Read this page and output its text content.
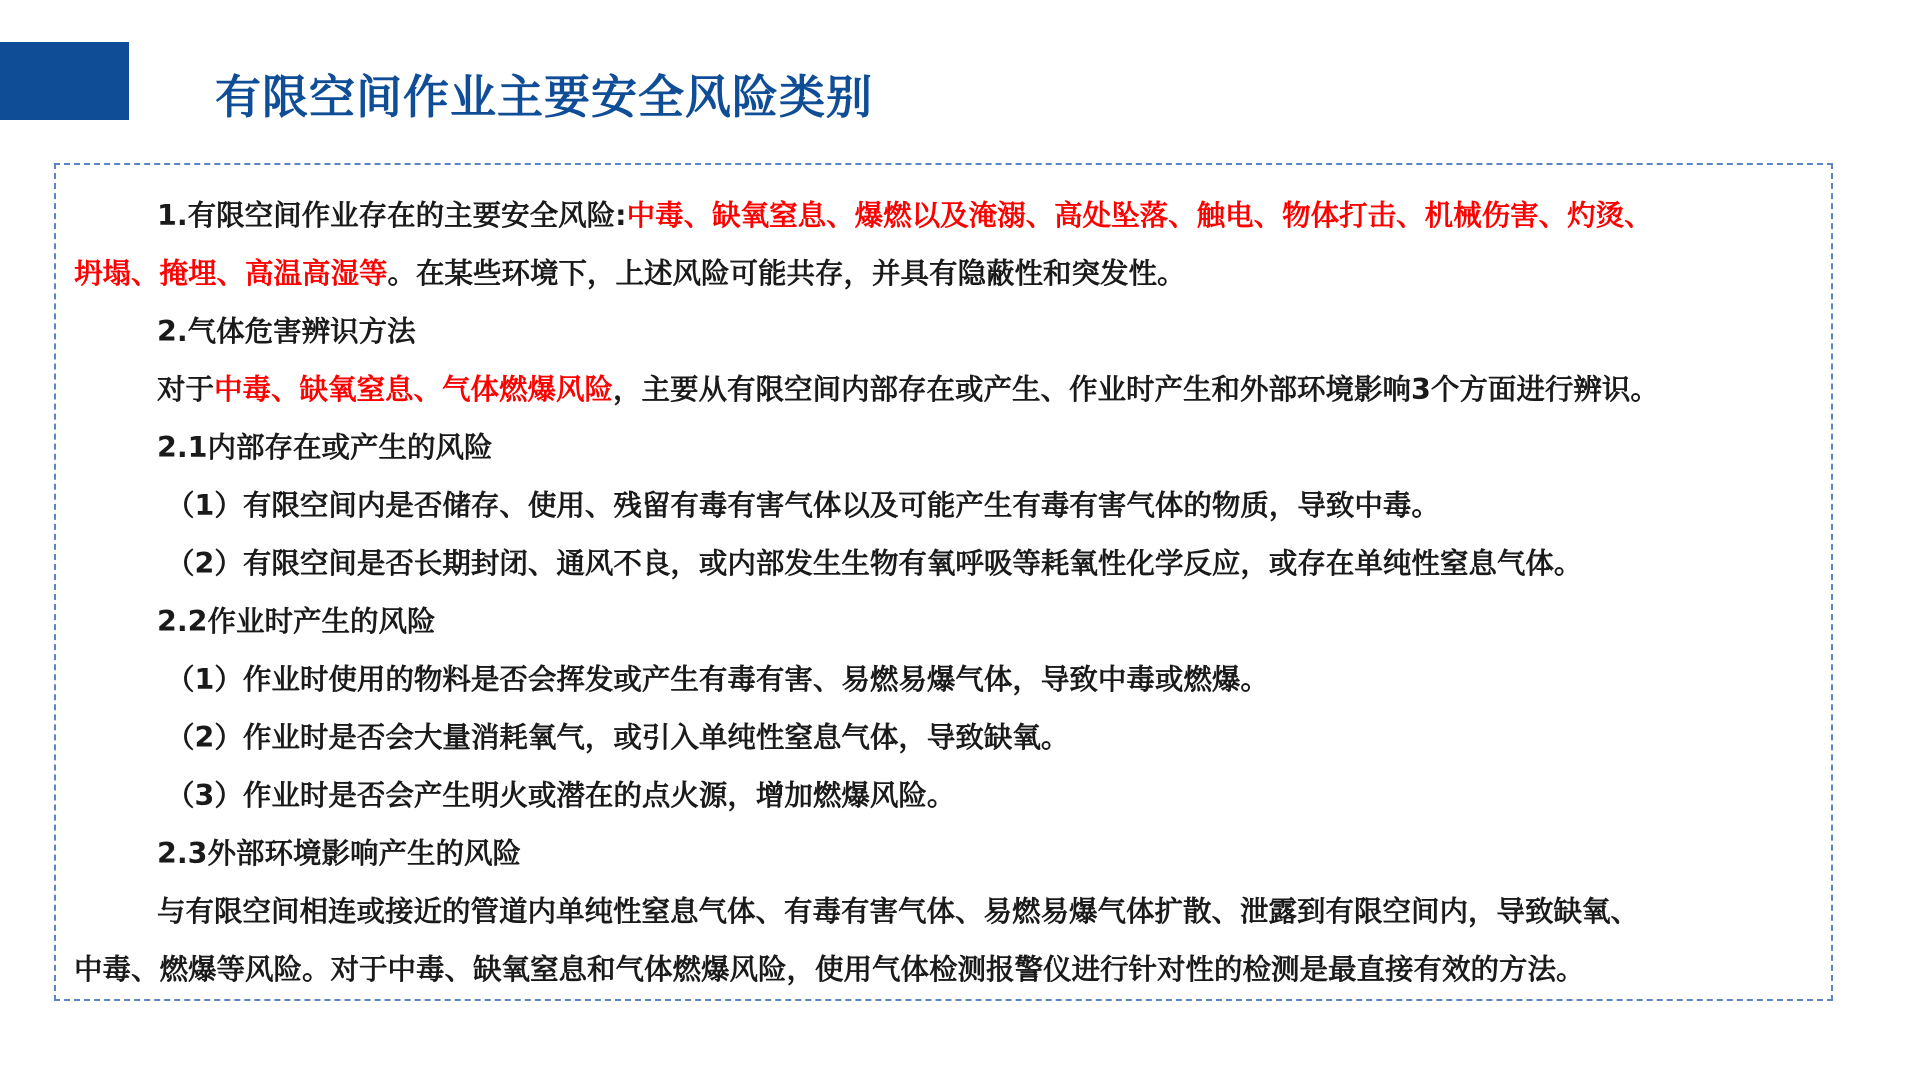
有限空间作业主要安全风险类别
1.有限空间作业存在的主要安全风险:中毒、缺氧窒息、爆燃以及淹溺、高处坠落、触电、物体打击、机械伤害、灼烫、
坍塌、掩埋、高温高湿等。在某些环境下，上述风险可能共存，并具有隐蔽性和突发性。
2.气体危害辨识方法
对于中毒、缺氧窒息、气体燃爆风险，主要从有限空间内部存在或产生、作业时产生和外部环境影响3个方面进行辨识。
2.1内部存在或产生的风险
（1）有限空间内是否储存、使用、残留有毒有害气体以及可能产生有毒有害气体的物质，导致中毒。
（2）有限空间是否长期封闭、通风不良，或内部发生生物有氧呼吸等耗氧性化学反应，或存在单纯性窒息气体。
2.2作业时产生的风险
（1）作业时使用的物料是否会挥发或产生有毒有害、易燃易爆气体，导致中毒或燃爆。
（2）作业时是否会大量消耗氧气，或引入单纯性窒息气体，导致缺氧。
（3）作业时是否会产生明火或潜在的点火源，增加燃爆风险。
2.3外部环境影响产生的风险
与有限空间相连或接近的管道内单纯性窒息气体、有毒有害气体、易燃易爆气体扩散、泄露到有限空间内，导致缺氧、
中毒、燃爆等风险。对于中毒、缺氧窒息和气体燃爆风险，使用气体检测报警仪进行针对性的检测是最直接有效的方法。
